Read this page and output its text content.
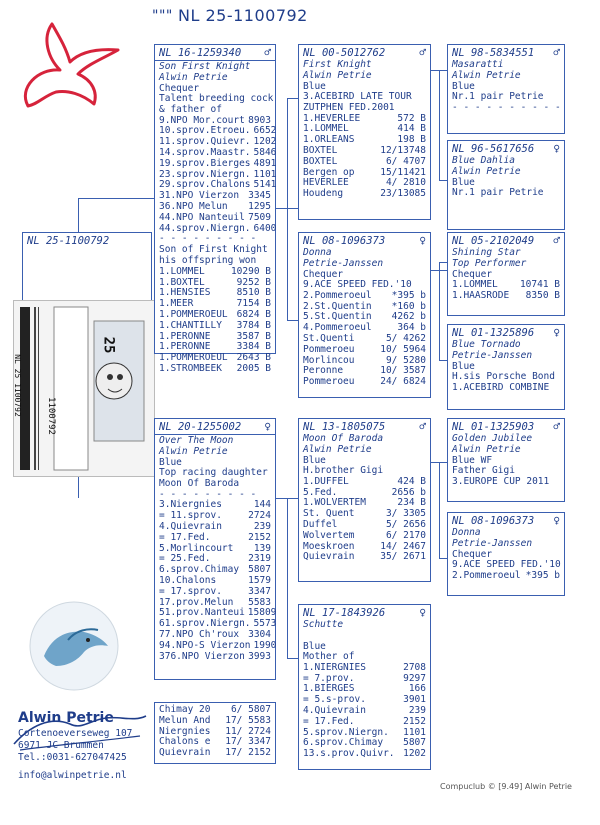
""" NL 25-1100792
NL 25-1100792
25
NL 25 1100792	1100792
NL 16-1259340 ♂
Son First Knight
Alwin Petrie
Chequer
Talent breeding cock
& father of
9.NPO Mor.court 8903
10.sprov.Etroeu. 6652
11.sprov.Quievr. 1202
14.sprov.Maastr. 5846
19.sprov.Bierges 4891
23.sprov.Niergn. 1101
29.sprov.Chalons 5141
31.NPO Vierzon 3345
36.NPO Melun	1295
44.NPO Nanteuil 7509
44.sprov.Niergn. 6400
- - - - - - - - -
Son of First Knight
his offspring won
1.LOMMEL	10290 B
1.BOXTEL	9252 B
1.HENSIES	8510 B
1.MEER	7154 B
1.POMMEROEUL 6824 B
1.CHANTILLY	3784 B
1.PERONNE	3587 B
1.PERONNE	3384 B
1.POMMEROEUL 2643 B
1.STROMBEEK	2005 B
NL 20-1255002 ♀
Over The Moon
Alwin Petrie
Blue
Top racing daughter
Moon Of Baroda
- - - - - - - - -
3.Niergnies	144
= 11.sprov.	2724
4.Quievrain	239
= 17.Fed.	2152
5.Morlincourt	139
= 25.Fed.	2319
6.sprov.Chimay 5807
10.Chalons	1579
= 17.sprov.	3347
17.prov.Melun	5583
51.prov.Nanteui 15809
61.sprov.Niergn. 5573
77.NPO Ch'roux 3304
94.NPO-S Vierzon 1990
376.NPO Vierzon 3993
Chimay 20	6/ 5807
Melun And	17/ 5583
Niergnies	11/ 2724
Chalons e	17/ 3347
Quievrain	17/ 2152
NL 00-5012762	♂
First Knight
Alwin Petrie
Blue
3.ACEBIRD LATE TOUR
ZUTPHEN FED.2001
1.HEVERLEE	572 B
1.LOMMEL	414 B
1.ORLEANS	198 B
BOXTEL	12/13748
BOXTEL	6/ 4707
Bergen op	15/11421
HEVERLEE	4/ 2810
Houdeng	23/13085
NL 08-1096373	♀
Donna
Petrie-Janssen
Chequer
9.ACE SPEED FED.'10
2.Pommeroeul	*395 b
2.St.Quentin	*160 b
5.St.Quentin	4262 b
4.Pommeroeul	364 b
St.Quenti	5/ 4262
Pommeroeu	10/ 5964
Morlincou	9/ 5280
Peronne	10/ 3587
Pommeroeu	24/ 6824
NL 13-1805075	♂
Moon Of Baroda
Alwin Petrie
Blue
H.brother Gigi
1.DUFFEL	424 B
5.Fed.	2656 b
1.WOLVERTEM	234 B
St. Quent	3/ 3305
Duffel	5/ 2656
Wolvertem	6/ 2170
Moeskroen	14/ 2467
Quievrain	35/ 2671
NL 17-1843926	♀
Schutte
Blue
Mother of
1.NIERGNIES	2708
= 7.prov.	9297
1.BIERGES	166
= 5.s-prov.	3901
4.Quievrain	239
= 17.Fed.	2152
5.sprov.Niergn.	1101
6.sprov.Chimay	5807
13.s.prov.Quivr. 1202
NL 98-5834551 ♂
Masaratti
Alwin Petrie
Blue
Nr.1 pair Petrie
- - - - - - - - - -
NL 96-5617656 ♀
Blue Dahlia
Alwin Petrie
Blue
Nr.1 pair Petrie
NL 05-2102049 ♂
Shining Star
Top Performer
Chequer
1.LOMMEL	10741 B
1.HAASRODE	8350 B
NL 01-1325896 ♀
Blue Tornado
Petrie-Janssen
Blue
H.sis Porsche Bond
1.ACEBIRD COMBINE
NL 01-1325903 ♂
Golden Jubilee
Alwin Petrie
Blue WF
Father Gigi
3.EUROPE CUP 2011
NL 08-1096373 ♀
Donna
Petrie-Janssen
Chequer
9.ACE SPEED FED.'10
2.Pommeroeul *395 b
Alwin Petrie
Cortenoeverseweg 107
6971 JC Brummen
Tel.:0031-627047425
info@alwinpetrie.nl
Compuclub © [9.49] Alwin Petrie
